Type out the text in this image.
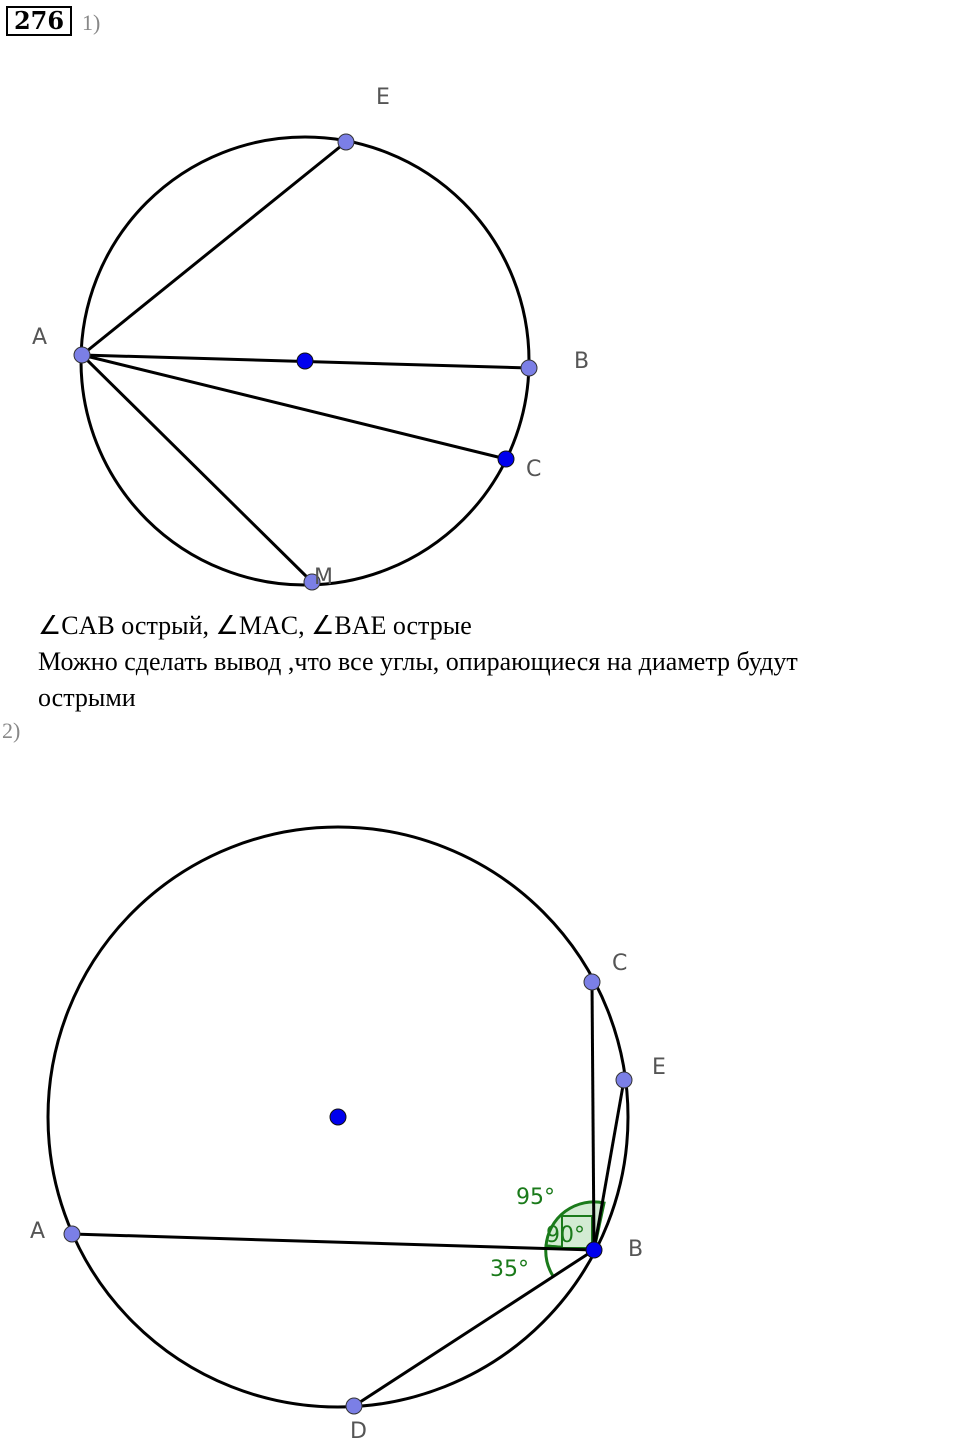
276 1)
E
A
B
C
M

∠CAB острый, ∠MAC, ∠BAE острые

Можно сделать вывод ,что все углы, опирающиеся на диаметр будут

острыми

2)
C
E
A
B
D
95°
90°
35°
